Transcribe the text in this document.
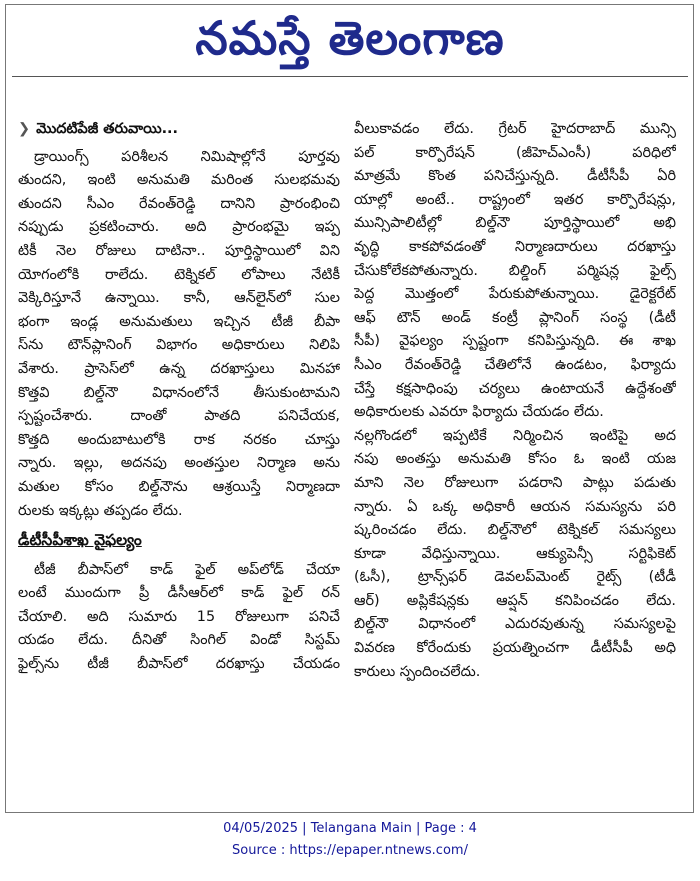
నమస్తే తెలంగాణ
❯ మొదటిపేజీ తరువాయి...
డ్రాయింగ్స్ పరిశీలన నిమిషాల్లోనే పూర్తవు
తుందని, ఇంటి అనుమతి మరింత సులభమవు
తుందని సీఎం రేవంత్‌రెడ్డి దానిని ప్రారంభించి
నప్పుడు ప్రకటించారు. అది ప్రారంభమై ఇప్ప
టికీ నెల రోజులు దాటినా.. పూర్తిస్థాయిలో విని
యోగంలోకి రాలేదు. టెక్నికల్ లోపాలు నేటికీ
వెక్కిరిస్తూనే ఉన్నాయి. కానీ, ఆన్‌లైన్‌లో సుల
భంగా ఇండ్ల అనుమతులు ఇచ్చిన టీజీ బీపా
స్‌ను టౌన్‌ప్లానింగ్ విభాగం అధికారులు నిలిపి
వేశారు. ప్రాసెస్‌లో ఉన్న దరఖాస్తులు మినహా
కొత్తవి బిల్డ్‌నౌ విధానంలోనే తీసుకుంటామని
స్పష్టంచేశారు. దాంతో పాతది పనిచేయక,
కొత్తది అందుబాటులోకి రాక నరకం చూస్తు
న్నారు. ఇల్లు, అదనపు అంతస్తుల నిర్మాణ అను
మతుల కోసం బిల్డ్‌నౌను ఆశ్రయిస్తే నిర్మాణదా
రులకు ఇక్కట్లు తప్పడం లేదు.
డీటీసీపీశాఖ వైఫల్యం
టీజీ బీపాస్‌లో కాడ్ ఫైల్ అప్‌లోడ్ చేయా
లంటే ముందుగా ప్రీ డీసీఆర్‌లో కాడ్ ఫైల్ రన్
చేయాలి. అది సుమారు 15 రోజులుగా పనిచే
యడం లేదు. దీనితో సింగిల్ విండో సిస్టమ్
ఫైల్స్‌ను టీజీ బీపాస్‌లో దరఖాస్తు చేయడం
వీలుకావడం లేదు. గ్రేటర్ హైదరాబాద్ మున్సి
పల్ కార్పొరేషన్ (జీహెచ్‌ఎంసీ) పరిధిలో
మాత్రమే కొంత పనిచేస్తున్నది. డీటీసీపీ ఏరి
యాల్లో అంటే.. రాష్ట్రంలో ఇతర కార్పొరేషన్లు,
మున్సిపాలిటీల్లో బిల్డ్‌నౌ పూర్తిస్థాయిలో అభి
వృద్ధి కాకపోవడంతో నిర్మాణదారులు దరఖాస్తు
చేసుకోలేకపోతున్నారు. బిల్డింగ్ పర్మిషన్ల ఫైల్స్
పెద్ద మొత్తంలో పేరుకుపోతున్నాయి. డైరెక్టరేట్
ఆఫ్ టౌన్ అండ్ కంట్రీ ప్లానింగ్ సంస్థ (డీటీ
సీపీ) వైఫల్యం స్పష్టంగా కనిపిస్తున్నది. ఈ శాఖ
సీఎం రేవంత్‌రెడ్డి చేతిలోనే ఉండటం, ఫిర్యాదు
చేస్తే కక్షసాధింపు చర్యలు ఉంటాయనే ఉద్దేశంతో
అధికారులకు ఎవరూ ఫిర్యాదు చేయడం లేదు.
నల్లగొండలో ఇప్పటికే నిర్మించిన ఇంటిపై అద
నపు అంతస్తు అనుమతి కోసం ఓ ఇంటి యజ
మాని నెల రోజులుగా పడరాని పాట్లు పడుతు
న్నారు. ఏ ఒక్క అధికారీ ఆయన సమస్యను పరి
ష్కరించడం లేదు. బిల్డ్‌నౌలో టెక్నికల్ సమస్యలు
కూడా వేధిస్తున్నాయి. ఆక్యుపెన్సీ సర్టిఫికెట్
(ఓసీ), ట్రాన్స్‌ఫర్ డెవలప్‌మెంట్ రైట్స్ (టీడీ
ఆర్) అప్లికేషన్లకు ఆప్షన్ కనిపించడం లేదు.
బిల్డ్‌నౌ విధానంలో ఎదురవుతున్న సమస్యలపై
వివరణ కోరేందుకు ప్రయత్నించగా డీటీసీపీ అధి
కారులు స్పందించలేదు.
04/05/2025 | Telangana Main | Page : 4
Source : https://epaper.ntnews.com/
